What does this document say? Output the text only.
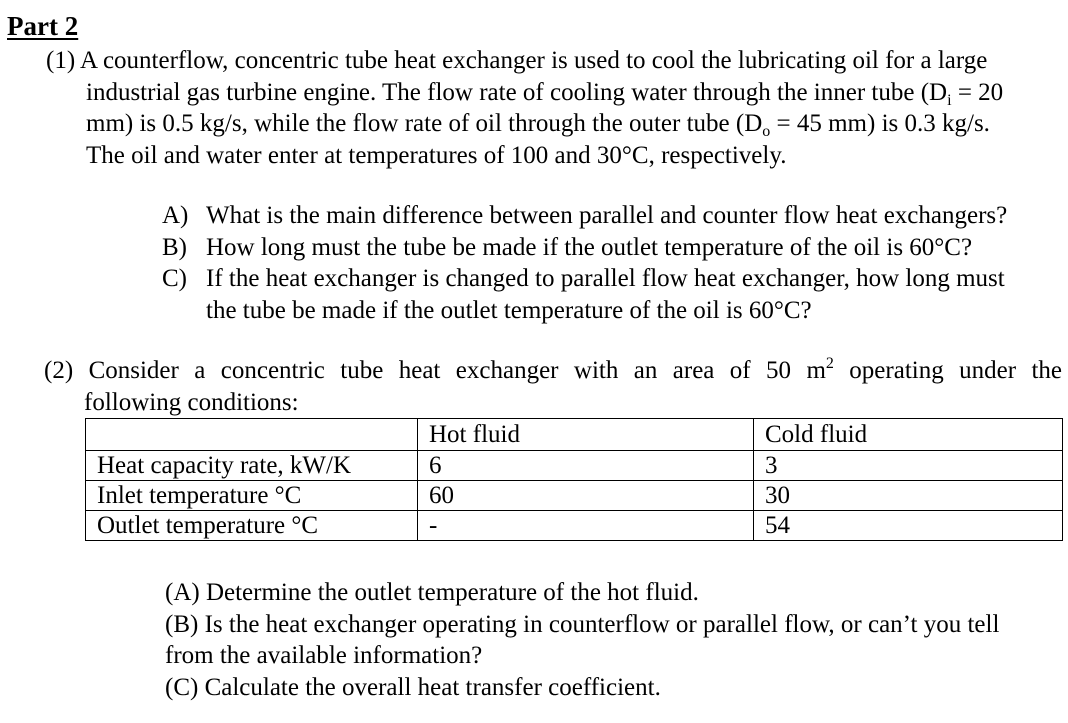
Part 2
(1) A counterflow, concentric tube heat exchanger is used to cool the lubricating oil for a large
industrial gas turbine engine. The flow rate of cooling water through the inner tube ($D_i = 20$
mm) is 0.5 kg/s, while the flow rate of oil through the outer tube ($D_o = 45$ mm) is 0.3 kg/s.
The oil and water enter at temperatures of 100 and 30°C, respectively.
A) What is the main difference between parallel and counter flow heat exchangers?
B) How long must the tube be made if the outlet temperature of the oil is 60°C?
C) If the heat exchanger is changed to parallel flow heat exchanger, how long must
the tube be made if the outlet temperature of the oil is 60°C?
(2) Consider a concentric tube heat exchanger with an area of 50 $m^2$ operating under the
following conditions:
	Hot fluid	Cold fluid
Heat capacity rate, kW/K	6	3
Inlet temperature °C	60	30
Outlet temperature °C	-	54
(A) Determine the outlet temperature of the hot fluid.
(B) Is the heat exchanger operating in counterflow or parallel flow, or can’t you tell
from the available information?
(C) Calculate the overall heat transfer coefficient.
